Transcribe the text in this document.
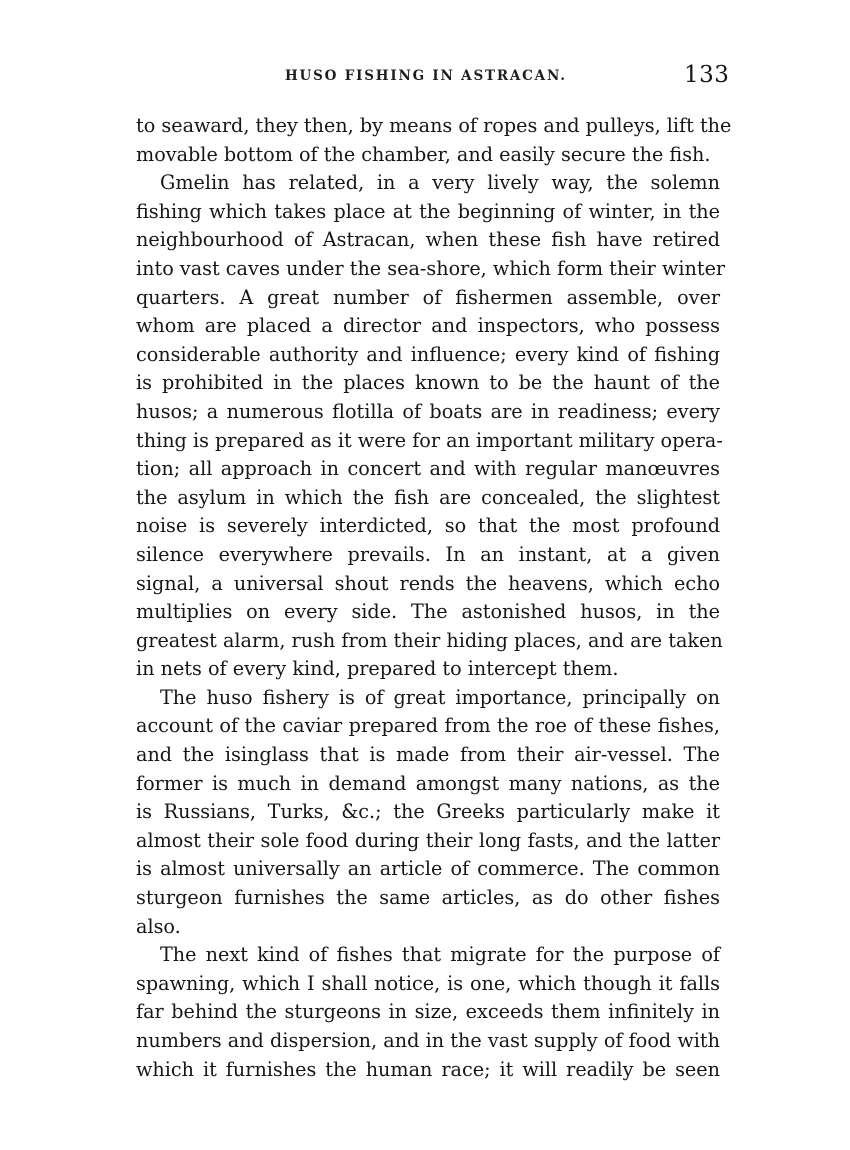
HUSO FISHING IN ASTRACAN.	133
to seaward, they then, by means of ropes and pulleys, lift the
movable bottom of the chamber, and easily secure the fish.
Gmelin has related, in a very lively way, the solemn
fishing which takes place at the beginning of winter, in the
neighbourhood of Astracan, when these fish have retired
into vast caves under the sea-shore, which form their winter
quarters. A great number of fishermen assemble, over
whom are placed a director and inspectors, who possess
considerable authority and influence; every kind of fishing
is prohibited in the places known to be the haunt of the
husos; a numerous flotilla of boats are in readiness; every
thing is prepared as it were for an important military opera-
tion; all approach in concert and with regular manœuvres
the asylum in which the fish are concealed, the slightest
noise is severely interdicted, so that the most profound
silence everywhere prevails. In an instant, at a given
signal, a universal shout rends the heavens, which echo
multiplies on every side. The astonished husos, in the
greatest alarm, rush from their hiding places, and are taken
in nets of every kind, prepared to intercept them.
The huso fishery is of great importance, principally on
account of the caviar prepared from the roe of these fishes,
and the isinglass that is made from their air-vessel. The
former is much in demand amongst many nations, as the
is Russians, Turks, &c.; the Greeks particularly make it
almost their sole food during their long fasts, and the latter
is almost universally an article of commerce. The common
sturgeon furnishes the same articles, as do other fishes
also.
The next kind of fishes that migrate for the purpose of
spawning, which I shall notice, is one, which though it falls
far behind the sturgeons in size, exceeds them infinitely in
numbers and dispersion, and in the vast supply of food with
which it furnishes the human race; it will readily be seen
